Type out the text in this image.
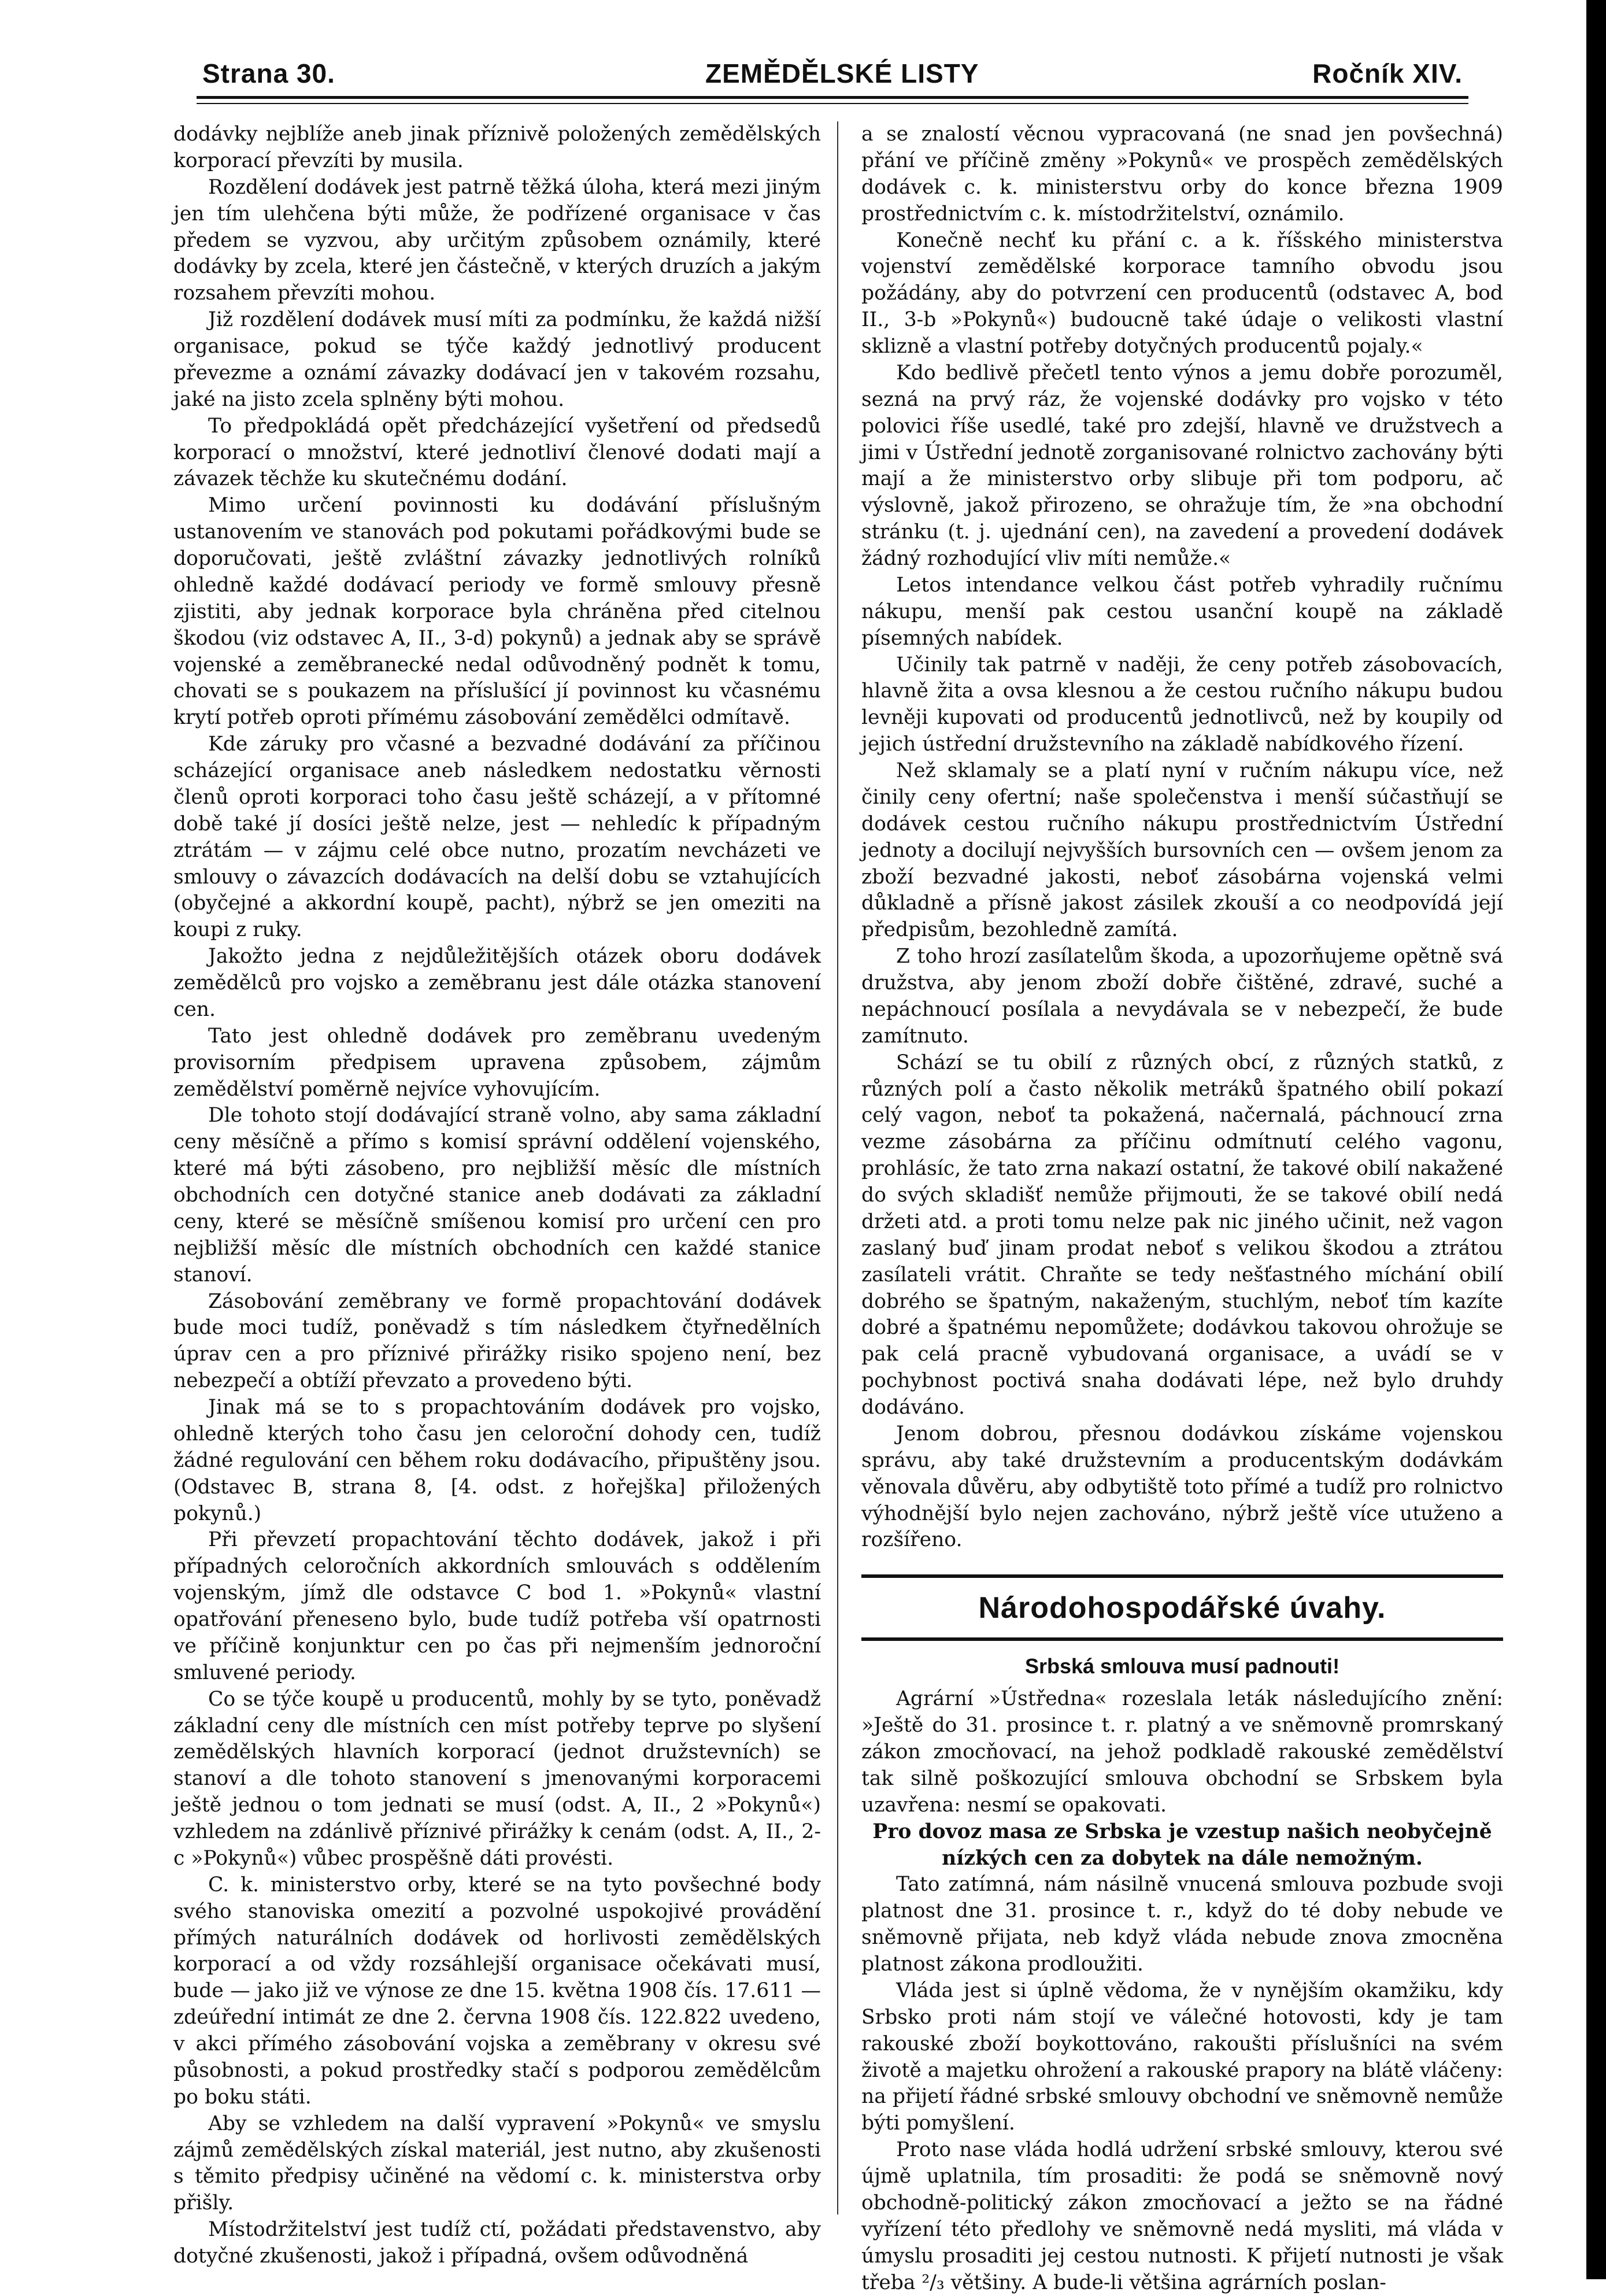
Strana 30.	ZEMĚDĚLSKÉ LISTY	Ročník XIV.

dodávky nejblíže aneb jinak příznivě položených zemědělských korporací převzíti by musila.

Rozdělení dodávek jest patrně těžká úloha, která mezi jiným jen tím ulehčena býti může, že podřízené organisace v čas předem se vyzvou, aby určitým způsobem oznámily, které dodávky by zcela, které jen částečně, v kterých druzích a jakým rozsahem převzíti mohou.

Již rozdělení dodávek musí míti za podmínku, že každá nižší organisace, pokud se týče každý jednotlivý producent převezme a oznámí závazky dodávací jen v takovém rozsahu, jaké na jisto zcela splněny býti mohou.

To předpokládá opět předcházející vyšetření od předsedů korporací o množství, které jednotliví členové dodati mají a závazek těchže ku skutečnému dodání.

Mimo určení povinnosti ku dodávání příslušným ustanovením ve stanovách pod pokutami pořádkovými bude se doporučovati, ještě zvláštní závazky jednotlivých rolníků ohledně každé dodávací periody ve formě smlouvy přesně zjistiti, aby jednak korporace byla chráněna před citelnou škodou (viz odstavec A, II., 3-d) pokynů) a jednak aby se správě vojenské a zeměbranecké nedal odůvodněný podnět k tomu, chovati se s poukazem na příslušící jí povinnost ku včasnému krytí potřeb oproti přímému zásobování zemědělci odmítavě.

Kde záruky pro včasné a bezvadné dodávání za příčinou scházející organisace aneb následkem nedostatku věrnosti členů oproti korporaci toho času ještě scházejí, a v přítomné době také jí dosíci ještě nelze, jest — nehledíc k případným ztrátám — v zájmu celé obce nutno, prozatím nevcházeti ve smlouvy o závazcích dodávacích na delší dobu se vztahujících (obyčejné a akkordní koupě, pacht), nýbrž se jen omeziti na koupi z ruky.

Jakožto jedna z nejdůležitějších otázek oboru dodávek zemědělců pro vojsko a zeměbranu jest dále otázka stanovení cen.

Tato jest ohledně dodávek pro zeměbranu uvedeným provisorním předpisem upravena způsobem, zájmům zemědělství poměrně nejvíce vyhovujícím.

Dle tohoto stojí dodávající straně volno, aby sama základní ceny měsíčně a přímo s komisí správní oddělení vojenského, které má býti zásobeno, pro nejbližší měsíc dle místních obchodních cen dotyčné stanice aneb dodávati za základní ceny, které se měsíčně smíšenou komisí pro určení cen pro nejbližší měsíc dle místních obchodních cen každé stanice stanoví.

Zásobování zeměbrany ve formě propachtování dodávek bude moci tudíž, poněvadž s tím následkem čtyřnedělních úprav cen a pro příznivé přirážky risiko spojeno není, bez nebezpečí a obtíží převzato a provedeno býti.

Jinak má se to s propachtováním dodávek pro vojsko, ohledně kterých toho času jen celoroční dohody cen, tudíž žádné regulování cen během roku dodávacího, připuštěny jsou. (Odstavec B, strana 8, [4. odst. z hořejška] přiložených pokynů.)

Při převzetí propachtování těchto dodávek, jakož i při případných celoročních akkordních smlouvách s oddělením vojenským, jímž dle odstavce C bod 1. »Pokynů« vlastní opatřování přeneseno bylo, bude tudíž potřeba vší opatrnosti ve příčině konjunktur cen po čas při nejmenším jednoroční smluvené periody.

Co se týče koupě u producentů, mohly by se tyto, poněvadž základní ceny dle místních cen míst potřeby teprve po slyšení zemědělských hlavních korporací (jednot družstevních) se stanoví a dle tohoto stanovení s jmenovanými korporacemi ještě jednou o tom jednati se musí (odst. A, II., 2 »Pokynů«) vzhledem na zdánlivě příznivé přirážky k cenám (odst. A, II., 2-c »Pokynů«) vůbec prospěšně dáti provésti.

C. k. ministerstvo orby, které se na tyto povšechné body svého stanoviska omezití a pozvolné uspokojivé provádění přímých naturálních dodávek od horlivosti zemědělských korporací a od vždy rozsáhlejší organisace očekávati musí, bude — jako již ve výnose ze dne 15. května 1908 čís. 17.611 — zdeúřední intimát ze dne 2. června 1908 čís. 122.822 uvedeno, v akci přímého zásobování vojska a zeměbrany v okresu své působnosti, a pokud prostředky stačí s podporou zemědělcům po boku státi.

Aby se vzhledem na další vypravení »Pokynů« ve smyslu zájmů zemědělských získal materiál, jest nutno, aby zkušenosti s těmito předpisy učiněné na vědomí c. k. ministerstva orby přišly.

Místodržitelství jest tudíž ctí, požádati představenstvo, aby dotyčné zkušenosti, jakož i případná, ovšem odůvodněná

a se znalostí věcnou vypracovaná (ne snad jen povšechná) přání ve příčině změny »Pokynů« ve prospěch zemědělských dodávek c. k. ministerstvu orby do konce března 1909 prostřednictvím c. k. místodržitelství, oznámilo.

Konečně nechť ku přání c. a k. říšského ministerstva vojenství zemědělské korporace tamního obvodu jsou požádány, aby do potvrzení cen producentů (odstavec A, bod II., 3-b »Pokynů«) budoucně také údaje o velikosti vlastní sklizně a vlastní potřeby dotyčných producentů pojaly.«

Kdo bedlivě přečetl tento výnos a jemu dobře porozuměl, sezná na prvý ráz, že vojenské dodávky pro vojsko v této polovici říše usedlé, také pro zdejší, hlavně ve družstvech a jimi v Ústřední jednotě zorganisované rolnictvo zachovány býti mají a že ministerstvo orby slibuje při tom podporu, ač výslovně, jakož přirozeno, se ohražuje tím, že »na obchodní stránku (t. j. ujednání cen), na zavedení a provedení dodávek žádný rozhodující vliv míti nemůže.«

Letos intendance velkou část potřeb vyhradily ručnímu nákupu, menší pak cestou usanční koupě na základě písemných nabídek.

Učinily tak patrně v naději, že ceny potřeb zásobovacích, hlavně žita a ovsa klesnou a že cestou ručního nákupu budou levněji kupovati od producentů jednotlivců, než by koupily od jejich ústřední družstevního na základě nabídkového řízení.

Než sklamaly se a platí nyní v ručním nákupu více, než činily ceny ofertní; naše společenstva i menší súčastňují se dodávek cestou ručního nákupu prostřednictvím Ústřední jednoty a docilují nejvyšších bursovních cen — ovšem jenom za zboží bezvadné jakosti, neboť zásobárna vojenská velmi důkladně a přísně jakost zásilek zkouší a co neodpovídá její předpisům, bezohledně zamítá.

Z toho hrozí zasílatelům škoda, a upozorňujeme opětně svá družstva, aby jenom zboží dobře čištěné, zdravé, suché a nepáchnoucí posílala a nevydávala se v nebezpečí, že bude zamítnuto.

Schází se tu obilí z různých obcí, z různých statků, z různých polí a často několik metráků špatného obilí pokazí celý vagon, neboť ta pokažená, načernalá, páchnoucí zrna vezme zásobárna za příčinu odmítnutí celého vagonu, prohlásíc, že tato zrna nakazí ostatní, že takové obilí nakažené do svých skladišť nemůže přijmouti, že se takové obilí nedá držeti atd. a proti tomu nelze pak nic jiného učinit, než vagon zaslaný buď jinam prodat neboť s velikou škodou a ztrátou zasílateli vrátit. Chraňte se tedy nešťastného míchání obilí dobrého se špatným, nakaženým, stuchlým, neboť tím kazíte dobré a špatnému nepomůžete; dodávkou takovou ohrožuje se pak celá pracně vybudovaná organisace, a uvádí se v pochybnost poctivá snaha dodávati lépe, než bylo druhdy dodáváno.

Jenom dobrou, přesnou dodávkou získáme vojenskou správu, aby také družstevním a producentským dodávkám věnovala důvěru, aby odbytiště toto přímé a tudíž pro rolnictvo výhodnější bylo nejen zachováno, nýbrž ještě více utuženo a rozšířeno.

Národohospodářské úvahy.
Srbská smlouva musí padnouti!

Agrární »Ústředna« rozeslala leták následujícího znění: »Ještě do 31. prosince t. r. platný a ve sněmovně promrskaný zákon zmocňovací, na jehož podkladě rakouské zemědělství tak silně poškozující smlouva obchodní se Srbskem byla uzavřena: nesmí se opakovati.

Pro dovoz masa ze Srbska je vzestup našich neobyčejně nízkých cen za dobytek na dále nemožným.

Tato zatímná, nám násilně vnucená smlouva pozbude svoji platnost dne 31. prosince t. r., když do té doby nebude ve sněmovně přijata, neb když vláda nebude znova zmocněna platnost zákona prodloužiti.

Vláda jest si úplně vědoma, že v nynějším okamžiku, kdy Srbsko proti nám stojí ve válečné hotovosti, kdy je tam rakouské zboží boykottováno, rakoušti příslušníci na svém životě a majetku ohrožení a rakouské prapory na blátě vláčeny: na přijetí řádné srbské smlouvy obchodní ve sněmovně nemůže býti pomyšlení.

Proto nase vláda hodlá udržení srbské smlouvy, kterou své újmě uplatnila, tím prosaditi: že podá se sněmovně nový obchodně-politický zákon zmocňovací a ježto se na řádné vyřízení této předlohy ve sněmovně nedá mysliti, má vláda v úmyslu prosaditi jej cestou nutnosti. K přijetí nutnosti je však třeba ²/₃ většiny. A bude-li většina agrárních poslan-
